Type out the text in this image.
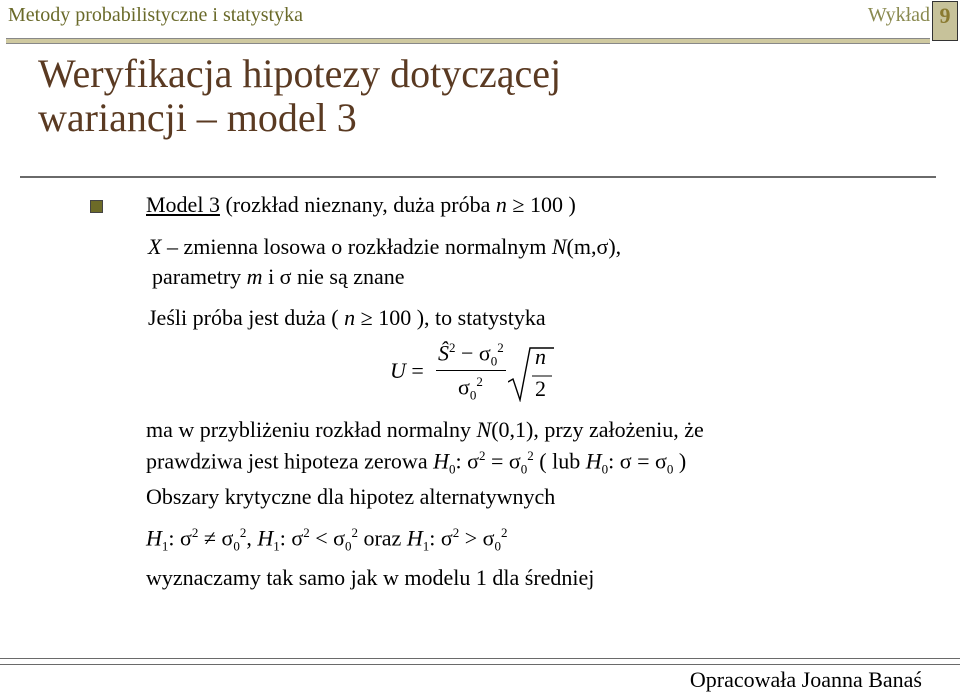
Metody probabilistyczne i statystyka	Wykład 9
Weryfikacja hipotezy dotyczącej
wariancji – model 3
Model 3 (rozkład nieznany, duża próba n ≥ 100 )
X – zmienna losowa o rozkładzie normalnym N(m,σ),
parametry m i σ nie są znane
Jeśli próba jest duża ( n ≥ 100 ), to statystyka
U =
$Ŝ^2 - \sigma_0^2$
$\sigma_0^2$
n
2
ma w przybliżeniu rozkład normalny N(0,1), przy założeniu, że
prawdziwa jest hipoteza zerowa $H_0$: $\sigma^2 = \sigma_0^2$ ( lub $H_0$: $\sigma = \sigma_0$ )
Obszary krytyczne dla hipotez alternatywnych
$H_1$: $\sigma^2 \ne \sigma_0^2$, $H_1$: $\sigma^2 < \sigma_0^2$ oraz $H_1$: $\sigma^2 > \sigma_0^2$
wyznaczamy tak samo jak w modelu 1 dla średniej
Opracowała Joanna Banaś
